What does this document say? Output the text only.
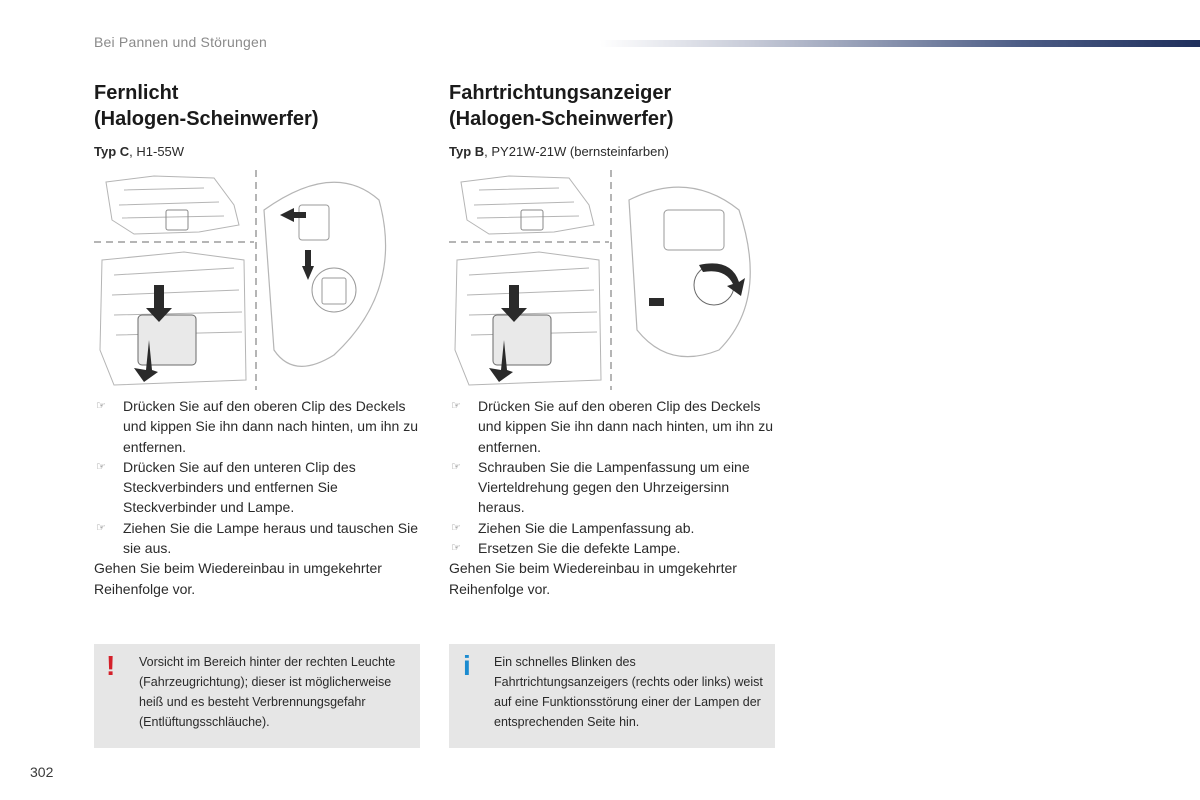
Bei Pannen und Störungen
Fernlicht
(Halogen-Scheinwerfer)
Typ C, H1-55W
Fahrtrichtungsanzeiger
(Halogen-Scheinwerfer)
Typ B, PY21W-21W (bernsteinfarben)
☞ Drücken Sie auf den oberen Clip des Deckels und kippen Sie ihn dann nach hinten, um ihn zu entfernen.
☞ Drücken Sie auf den unteren Clip des Steckverbinders und entfernen Sie Steckverbinder und Lampe.
☞ Ziehen Sie die Lampe heraus und tauschen Sie sie aus.

Gehen Sie beim Wiedereinbau in umgekehrter Reihenfolge vor.

☞ Drücken Sie auf den oberen Clip des Deckels und kippen Sie ihn dann nach hinten, um ihn zu entfernen.
☞ Schrauben Sie die Lampenfassung um eine Vierteldrehung gegen den Uhrzeigersinn heraus.
☞ Ziehen Sie die Lampenfassung ab.
☞ Ersetzen Sie die defekte Lampe.

Gehen Sie beim Wiedereinbau in umgekehrter Reihenfolge vor.

! Vorsicht im Bereich hinter der rechten Leuchte (Fahrzeugrichtung); dieser ist möglicherweise heiß und es besteht Verbrennungsgefahr (Entlüftungsschläuche).
i Ein schnelles Blinken des Fahrtrichtungsanzeigers (rechts oder links) weist auf eine Funktionsstörung einer der Lampen der entsprechenden Seite hin.
302
